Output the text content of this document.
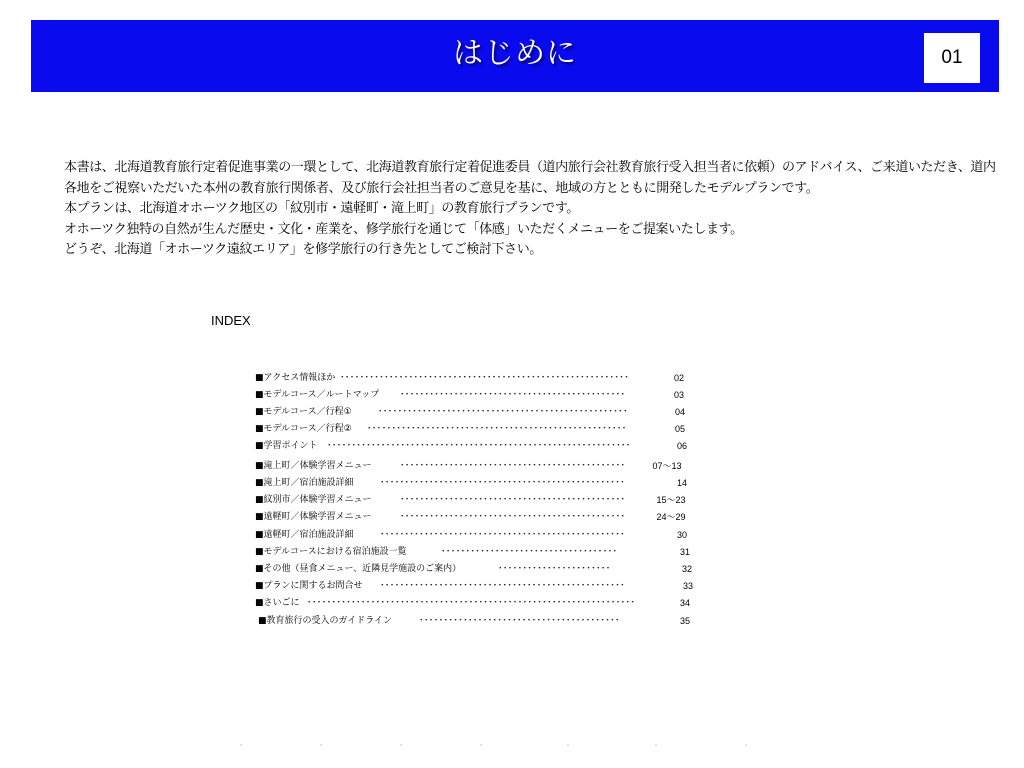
はじめに	01

本書は、北海道教育旅行定着促進事業の一環として、北海道教育旅行定着促進委員（道内旅行会社教育旅行受入担当者に依頼）のアドバイス、ご来道いただき、道内各地をご視察いただいた本州の教育旅行関係者、及び旅行会社担当者のご意見を基に、地域の方とともに開発したモデルプランです。

本プランは、北海道オホーツク地区の「紋別市・遠軽町・滝上町」の教育旅行プランです。

オホーツク独特の自然が生んだ歴史・文化・産業を、修学旅行を通じて「体感」いただくメニューをご提案いたします。

どうぞ、北海道「オホーツク遠紋エリア」を修学旅行の行き先としてご検討下さい。

INDEX
■アクセス情報ほか ･･･････････････････････････････････････････････････････････	02
■モデルコース／ルートマップ ･･････････････････････････････････････････････	03
■モデルコース／行程①	･･･････････････････････････････････････････････････	04
■モデルコース／行程② ･････････････････････････････････････････････････････	05
■学習ポイント ･･････････････････････････････････････････････････････････････	06
■滝上町／体験学習メニュー	･･････････････････････････････････････････････	07～13
■滝上町／宿泊施設詳細	･･････････････････････････････････････････････････	14
■紋別市／体験学習メニュー	･･････････････････････････････････････････････	15～23
■遠軽町／体験学習メニュー	･･････････････････････････････････････････････	24～29
■遠軽町／宿泊施設詳細	･･････････････････････････････････････････････････	30
■モデルコースにおける宿泊施設一覧	････････････････････････････････････	31
■その他（昼食メニュー、近隣見学施設のご案内）	･･･････････････････････	32
■プランに関するお問合せ ･･････････････････････････････････････････････････	33
■さいごに ･･･････････････････････････････････････････････････････････････････	34
■教育旅行の受入のガイドライン	･････････････････････････････････････････	35
